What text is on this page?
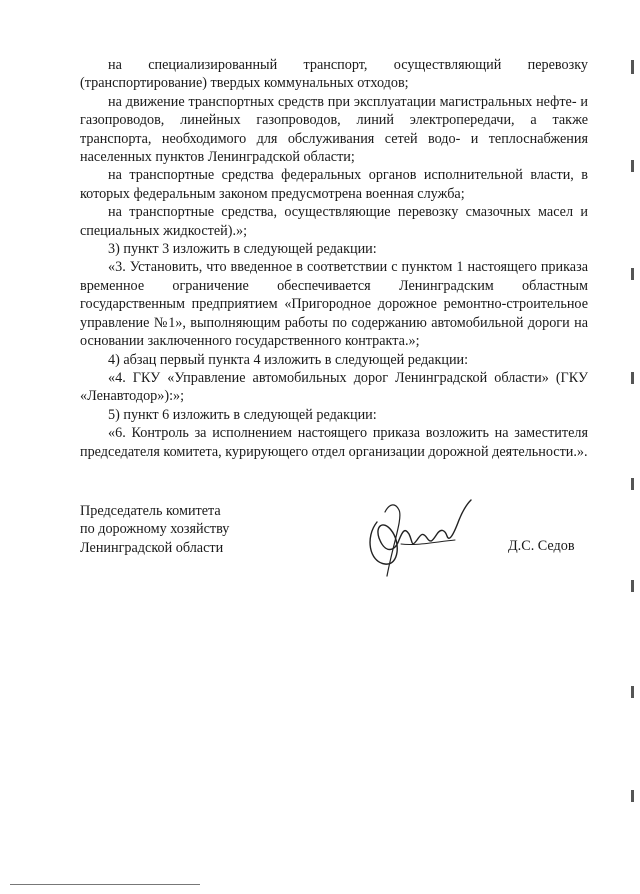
на специализированный транспорт, осуществляющий перевозку (транспортирование) твердых коммунальных отходов;

на движение транспортных средств при эксплуатации магистральных нефте- и газопроводов, линейных газопроводов, линий электропередачи, а также транспорта, необходимого для обслуживания сетей водо- и теплоснабжения населенных пунктов Ленинградской области;

на транспортные средства федеральных органов исполнительной власти, в которых федеральным законом предусмотрена военная служба;

на транспортные средства, осуществляющие перевозку смазочных масел и специальных жидкостей).»;

3) пункт 3 изложить в следующей редакции:

«3. Установить, что введенное в соответствии с пунктом 1 настоящего приказа временное ограничение обеспечивается Ленинградским областным государственным предприятием «Пригородное дорожное ремонтно-строительное управление №1», выполняющим работы по содержанию автомобильной дороги на основании заключенного государственного контракта.»;

4) абзац первый пункта 4 изложить в следующей редакции:

«4. ГКУ «Управление автомобильных дорог Ленинградской области» (ГКУ «Ленавтодор»):»;

5) пункт 6 изложить в следующей редакции:

«6. Контроль за исполнением настоящего приказа возложить на заместителя председателя комитета, курирующего отдел организации дорожной деятельности.».

Председатель комитета
по дорожному хозяйству
Ленинградской области	Д.С. Седов
